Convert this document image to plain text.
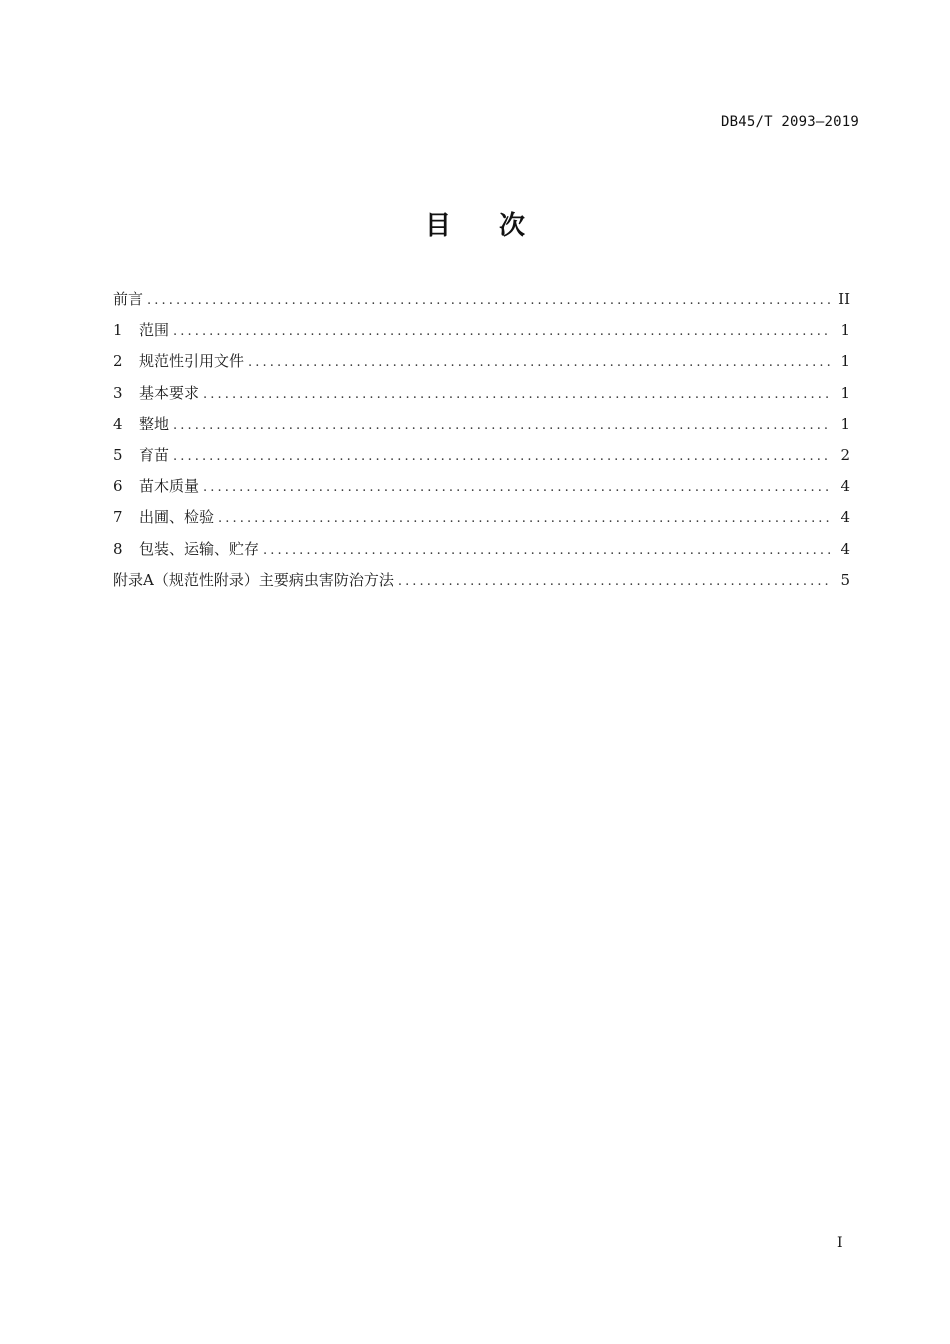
DB45/T 2093—2019
目次
前言 .....	II
1	范围 .....	1
2	规范性引用文件 .....	1
3	基本要求 .....	1
4	整地 .....	1
5	育苗 .....	2
6	苗木质量 .....	4
7	出圃、检验 .....	4
8	包装、运输、贮存 .....	4
附录A（规范性附录）主要病虫害防治方法 .....	5
I
